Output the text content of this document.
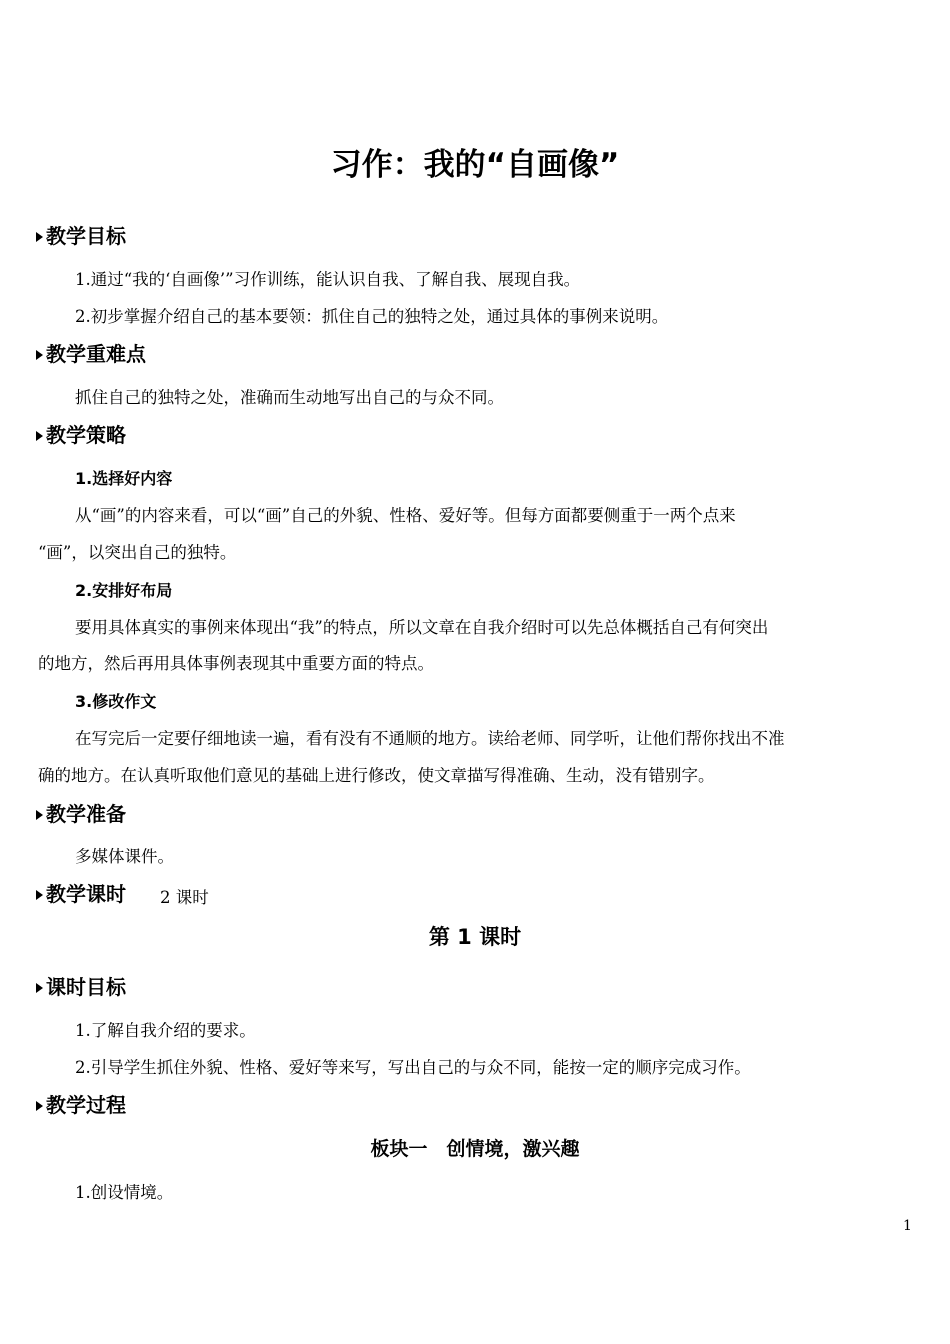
习作：我的“自画像”
教学目标
1.通过“我的‘自画像’”习作训练，能认识自我、了解自我、展现自我。
2.初步掌握介绍自己的基本要领：抓住自己的独特之处，通过具体的事例来说明。
教学重难点
抓住自己的独特之处，准确而生动地写出自己的与众不同。
教学策略
1.选择好内容
从“画”的内容来看，可以“画”自己的外貌、性格、爱好等。但每方面都要侧重于一两个点来
“画”，以突出自己的独特。
2.安排好布局
要用具体真实的事例来体现出“我”的特点，所以文章在自我介绍时可以先总体概括自己有何突出
的地方，然后再用具体事例表现其中重要方面的特点。
3.修改作文
在写完后一定要仔细地读一遍，看有没有不通顺的地方。读给老师、同学听，让他们帮你找出不准
确的地方。在认真听取他们意见的基础上进行修改，使文章描写得准确、生动，没有错别字。
教学准备
多媒体课件。
教学课时 2 课时
第 1 课时
课时目标
1.了解自我介绍的要求。
2.引导学生抓住外貌、性格、爱好等来写，写出自己的与众不同，能按一定的顺序完成习作。
教学过程
板块一　创情境，激兴趣
1.创设情境。
1
